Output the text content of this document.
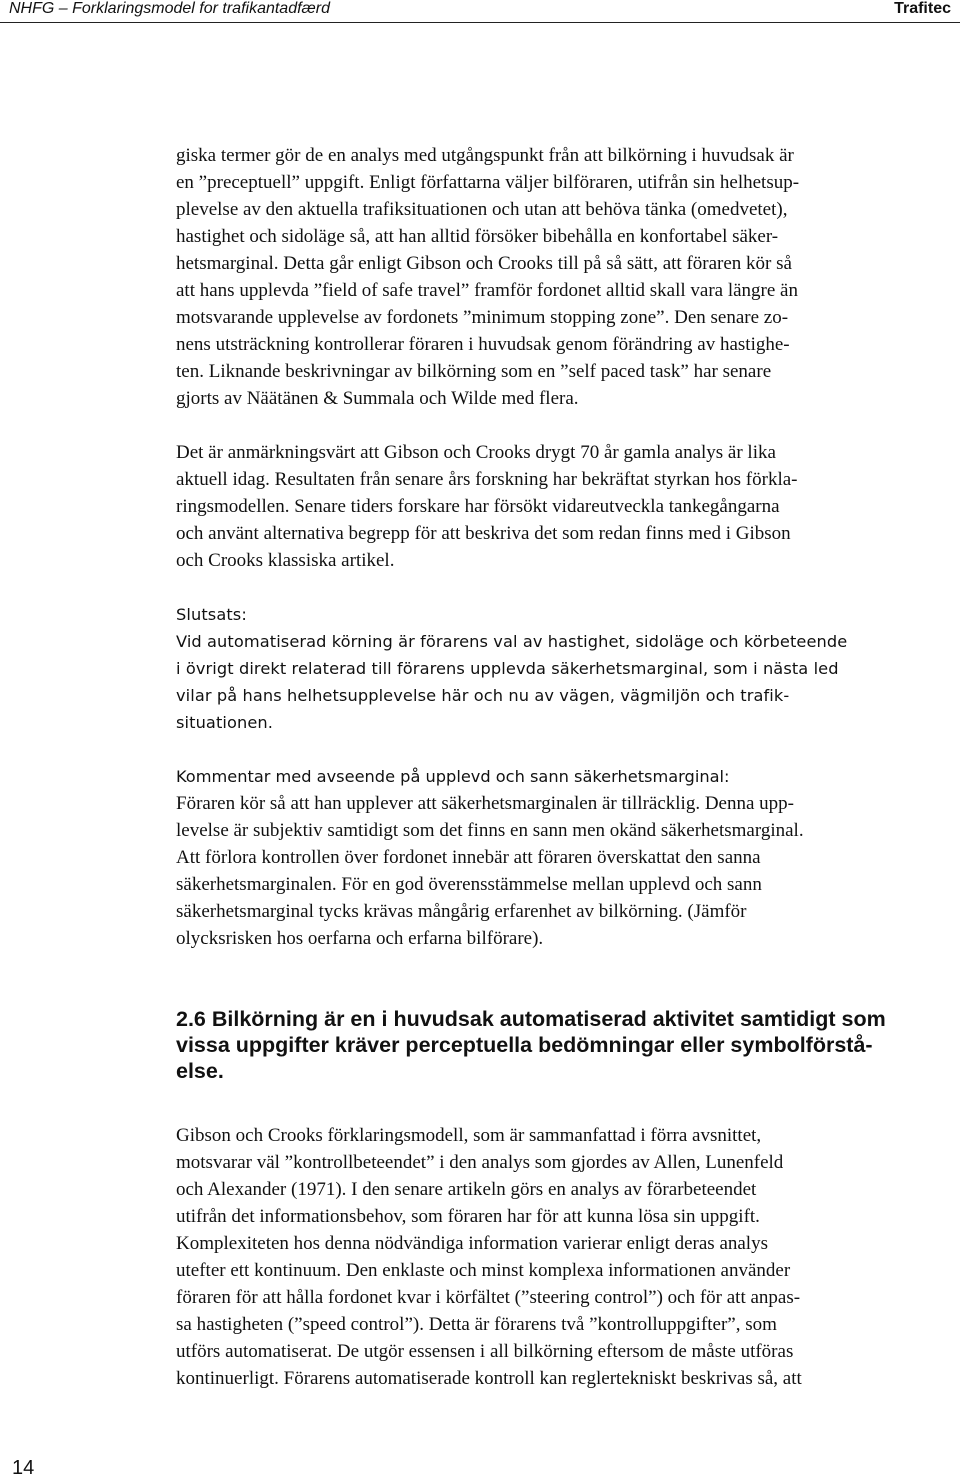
NHFG – Forklaringsmodel for trafikantadfærd	Trafitec

giska termer gör de en analys med utgångspunkt från att bilkörning i huvudsak är
en ”preceptuell” uppgift. Enligt författarna väljer bilföraren, utifrån sin helhetsup-
plevelse av den aktuella trafiksituationen och utan att behöva tänka (omedvetet),
hastighet och sidoläge så, att han alltid försöker bibehålla en konfortabel säker-
hetsmarginal. Detta går enligt Gibson och Crooks till på så sätt, att föraren kör så
att hans upplevda ”field of safe travel” framför fordonet alltid skall vara längre än
motsvarande upplevelse av fordonets ”minimum stopping zone”. Den senare zo-
nens utsträckning kontrollerar föraren i huvudsak genom förändring av hastighe-
ten. Liknande beskrivningar av bilkörning som en ”self paced task” har senare
gjorts av Näätänen & Summala och Wilde med flera.

Det är anmärkningsvärt att Gibson och Crooks drygt 70 år gamla analys är lika
aktuell idag. Resultaten från senare års forskning har bekräftat styrkan hos förkla-
ringsmodellen. Senare tiders forskare har försökt vidareutveckla tankegångarna
och använt alternativa begrepp för att beskriva det som redan finns med i Gibson
och Crooks klassiska artikel.

Slutsats:

Vid automatiserad körning är förarens val av hastighet, sidoläge och körbeteende
i övrigt direkt relaterad till förarens upplevda säkerhetsmarginal, som i nästa led
vilar på hans helhetsupplevelse här och nu av vägen, vägmiljön och trafik-
situationen.

Kommentar med avseende på upplevd och sann säkerhetsmarginal:

Föraren kör så att han upplever att säkerhetsmarginalen är tillräcklig. Denna upp-
levelse är subjektiv samtidigt som det finns en sann men okänd säkerhetsmarginal.
Att förlora kontrollen över fordonet innebär att föraren överskattat den sanna
säkerhetsmarginalen. För en god överensstämmelse mellan upplevd och sann
säkerhetsmarginal tycks krävas mångårig erfarenhet av bilkörning. (Jämför
olycksrisken hos oerfarna och erfarna bilförare).

2.6 Bilkörning är en i huvudsak automatiserad aktivitet samtidigt som
vissa uppgifter kräver perceptuella bedömningar eller symbolförstå-
else.

Gibson och Crooks förklaringsmodell, som är sammanfattad i förra avsnittet,
motsvarar väl ”kontrollbeteendet” i den analys som gjordes av Allen, Lunenfeld
och Alexander (1971). I den senare artikeln görs en analys av förarbeteendet
utifrån det informationsbehov, som föraren har för att kunna lösa sin uppgift.
Komplexiteten hos denna nödvändiga information varierar enligt deras analys
utefter ett kontinuum. Den enklaste och minst komplexa informationen använder
föraren för att hålla fordonet kvar i körfältet (”steering control”) och för att anpas-
sa hastigheten (”speed control”). Detta är förarens två ”kontrolluppgifter”, som
utförs automatiserat. De utgör essensen i all bilkörning eftersom de måste utföras
kontinuerligt. Förarens automatiserade kontroll kan reglertekniskt beskrivas så, att

14
